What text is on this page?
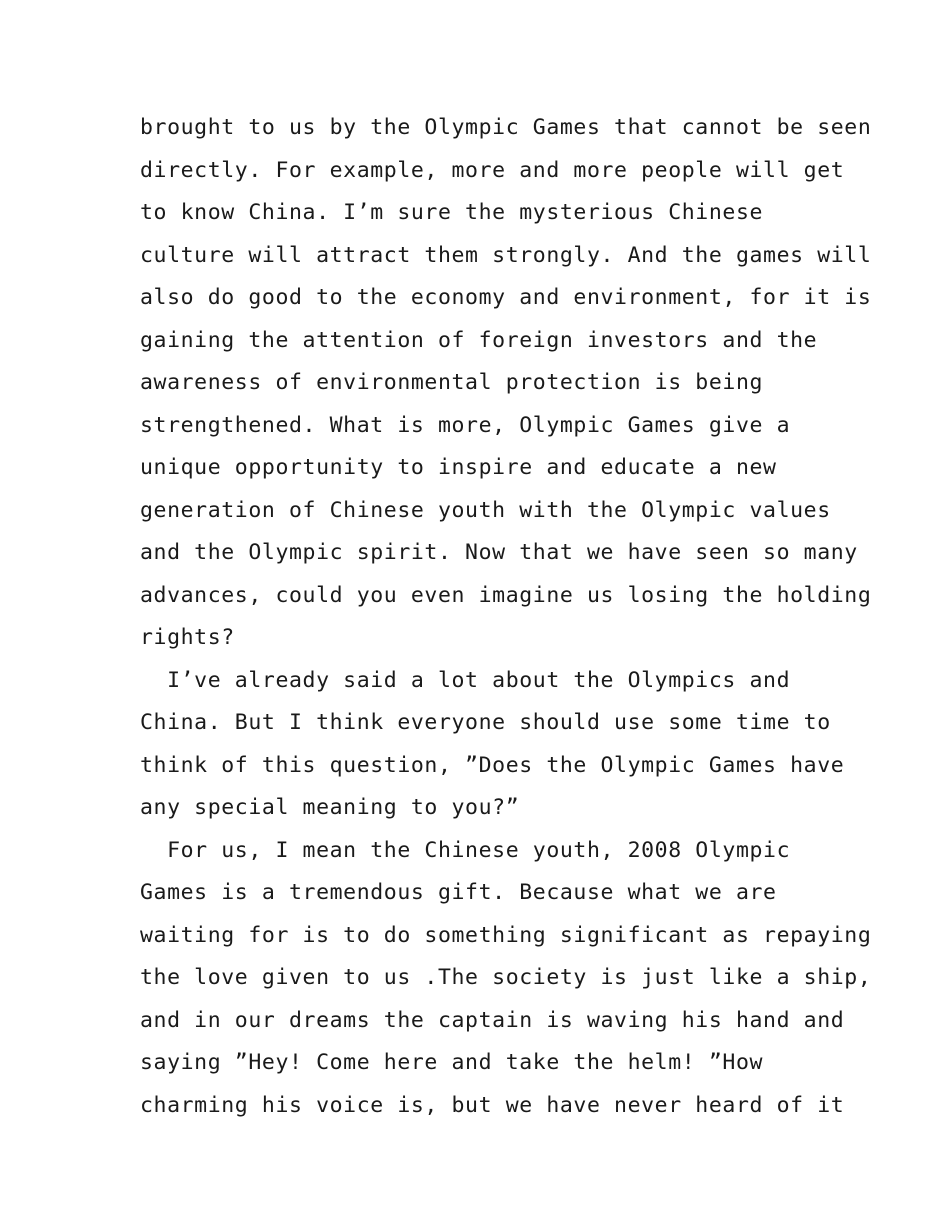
brought to us by the Olympic Games that cannot be seen
directly. For example, more and more people will get
to know China. I’m sure the mysterious Chinese
culture will attract them strongly. And the games will
also do good to the economy and environment, for it is
gaining the attention of foreign investors and the
awareness of environmental protection is being
strengthened. What is more, Olympic Games give a
unique opportunity to inspire and educate a new
generation of Chinese youth with the Olympic values
and the Olympic spirit. Now that we have seen so many
advances, could you even imagine us losing the holding
rights?
I’ve already said a lot about the Olympics and
China. But I think everyone should use some time to
think of this question, ”Does the Olympic Games have
any special meaning to you?”
For us, I mean the Chinese youth, 2008 Olympic
Games is a tremendous gift. Because what we are
waiting for is to do something significant as repaying
the love given to us .The society is just like a ship,
and in our dreams the captain is waving his hand and
saying ”Hey! Come here and take the helm! ”How
charming his voice is, but we have never heard of it
